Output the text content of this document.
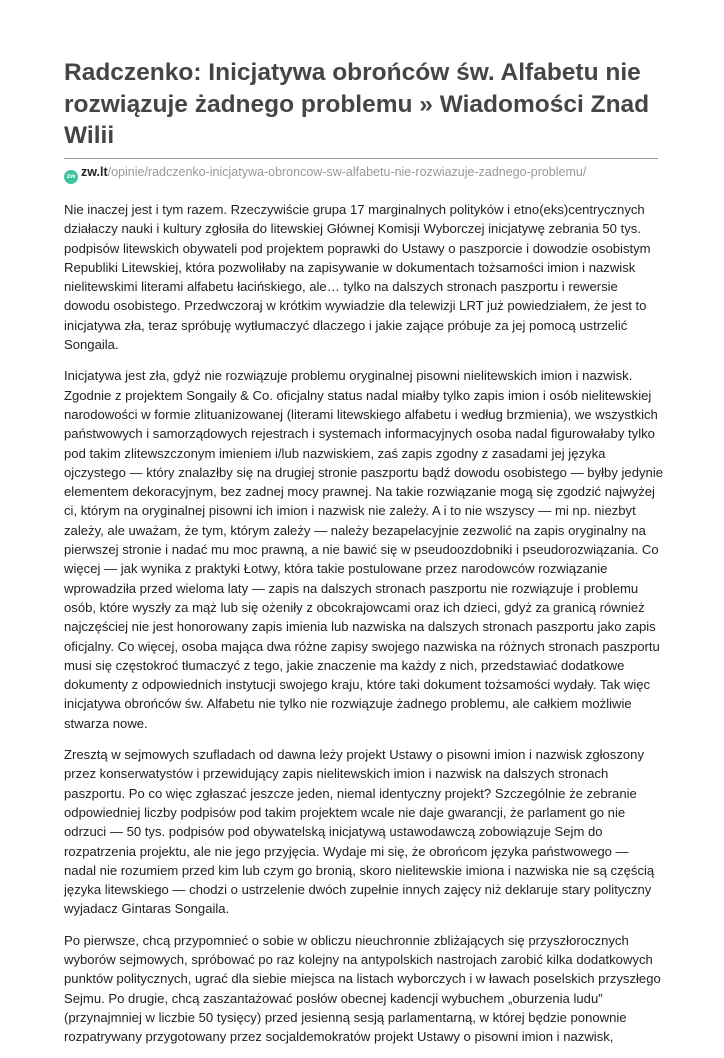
Radczenko: Inicjatywa obrońców św. Alfabetu nie rozwiązuje żadnego problemu » Wiadomości Znad Wilii
zw zw.lt/opinie/radczenko-inicjatywa-obroncow-sw-alfabetu-nie-rozwiazuje-zadnego-problemu/

Nie inaczej jest i tym razem. Rzeczywiście grupa 17 marginalnych polityków i etno(eks)centrycznych działaczy nauki i kultury zgłosiła do litewskiej Głównej Komisji Wyborczej inicjatywę zebrania 50 tys. podpisów litewskich obywateli pod projektem poprawki do Ustawy o paszporcie i dowodzie osobistym Republiki Litewskiej, która pozwoliłaby na zapisywanie w dokumentach tożsamości imion i nazwisk nielitewskimi literami alfabetu łacińskiego, ale… tylko na dalszych stronach paszportu i rewersie dowodu osobistego. Przedwczoraj w krótkim wywiadzie dla telewizji LRT już powiedziałem, że jest to inicjatywa zła, teraz spróbuję wytłumaczyć dlaczego i jakie zające próbuje za jej pomocą ustrzelić Songaila.

Inicjatywa jest zła, gdyż nie rozwiązuje problemu oryginalnej pisowni nielitewskich imion i nazwisk. Zgodnie z projektem Songaily & Co. oficjalny status nadal miałby tylko zapis imion i osób nielitewskiej narodowości w formie zlituanizowanej (literami litewskiego alfabetu i według brzmienia), we wszystkich państwowych i samorządowych rejestrach i systemach informacyjnych osoba nadal figurowałaby tylko pod takim zlitewszczonym imieniem i/lub nazwiskiem, zaś zapis zgodny z zasadami jej języka ojczystego — który znalazłby się na drugiej stronie paszportu bądź dowodu osobistego — byłby jedynie elementem dekoracyjnym, bez zadnej mocy prawnej. Na takie rozwiązanie mogą się zgodzić najwyżej ci, którym na oryginalnej pisowni ich imion i nazwisk nie zależy. A i to nie wszyscy — mi np. niezbyt zależy, ale uważam, że tym, którym zależy — należy bezapelacyjnie zezwolić na zapis oryginalny na pierwszej stronie i nadać mu moc prawną, a nie bawić się w pseudoozdobniki i pseudorozwiązania. Co więcej — jak wynika z praktyki Łotwy, która takie postulowane przez narodowców rozwiązanie wprowadziła przed wieloma laty — zapis na dalszych stronach paszportu nie rozwiązuje i problemu osób, które wyszły za mąż lub się ożeniły z obcokrajowcami oraz ich dzieci, gdyż za granicą również najczęściej nie jest honorowany zapis imienia lub nazwiska na dalszych stronach paszportu jako zapis oficjalny. Co więcej, osoba mająca dwa różne zapisy swojego nazwiska na różnych stronach paszportu musi się częstokroć tłumaczyć z tego, jakie znaczenie ma każdy z nich, przedstawiać dodatkowe dokumenty z odpowiednich instytucji swojego kraju, które taki dokument tożsamości wydały. Tak więc inicjatywa obrońców św. Alfabetu nie tylko nie rozwiązuje żadnego problemu, ale całkiem możliwie stwarza nowe.

Zresztą w sejmowych szufladach od dawna leży projekt Ustawy o pisowni imion i nazwisk zgłoszony przez konserwatystów i przewidujący zapis nielitewskich imion i nazwisk na dalszych stronach paszportu. Po co więc zgłaszać jeszcze jeden, niemal identyczny projekt? Szczególnie że zebranie odpowiedniej liczby podpisów pod takim projektem wcale nie daje gwarancji, że parlament go nie odrzuci — 50 tys. podpisów pod obywatelską inicjatywą ustawodawczą zobowiązuje Sejm do rozpatrzenia projektu, ale nie jego przyjęcia. Wydaje mi się, że obrońcom języka państwowego — nadal nie rozumiem przed kim lub czym go bronią, skoro nielitewskie imiona i nazwiska nie są częścią języka litewskiego — chodzi o ustrzelenie dwóch zupełnie innych zajęcy niż deklaruje stary polityczny wyjadacz Gintaras Songaila.

Po pierwsze, chcą przypomnieć o sobie w obliczu nieuchronnie zbliżających się przyszłorocznych wyborów sejmowych, spróbować po raz kolejny na antypolskich nastrojach zarobić kilka dodatkowych punktów politycznych, ugrać dla siebie miejsca na listach wyborczych i w ławach poselskich przyszłego Sejmu. Po drugie, chcą zaszantażować posłów obecnej kadencji wybuchem „oburzenia ludu” (przynajmniej w liczbie 50 tysięcy) przed jesienną sesją parlamentarną, w której będzie ponownie rozpatrywany przygotowany przez socjaldemokratów projekt Ustawy o pisowni imion i nazwisk,
